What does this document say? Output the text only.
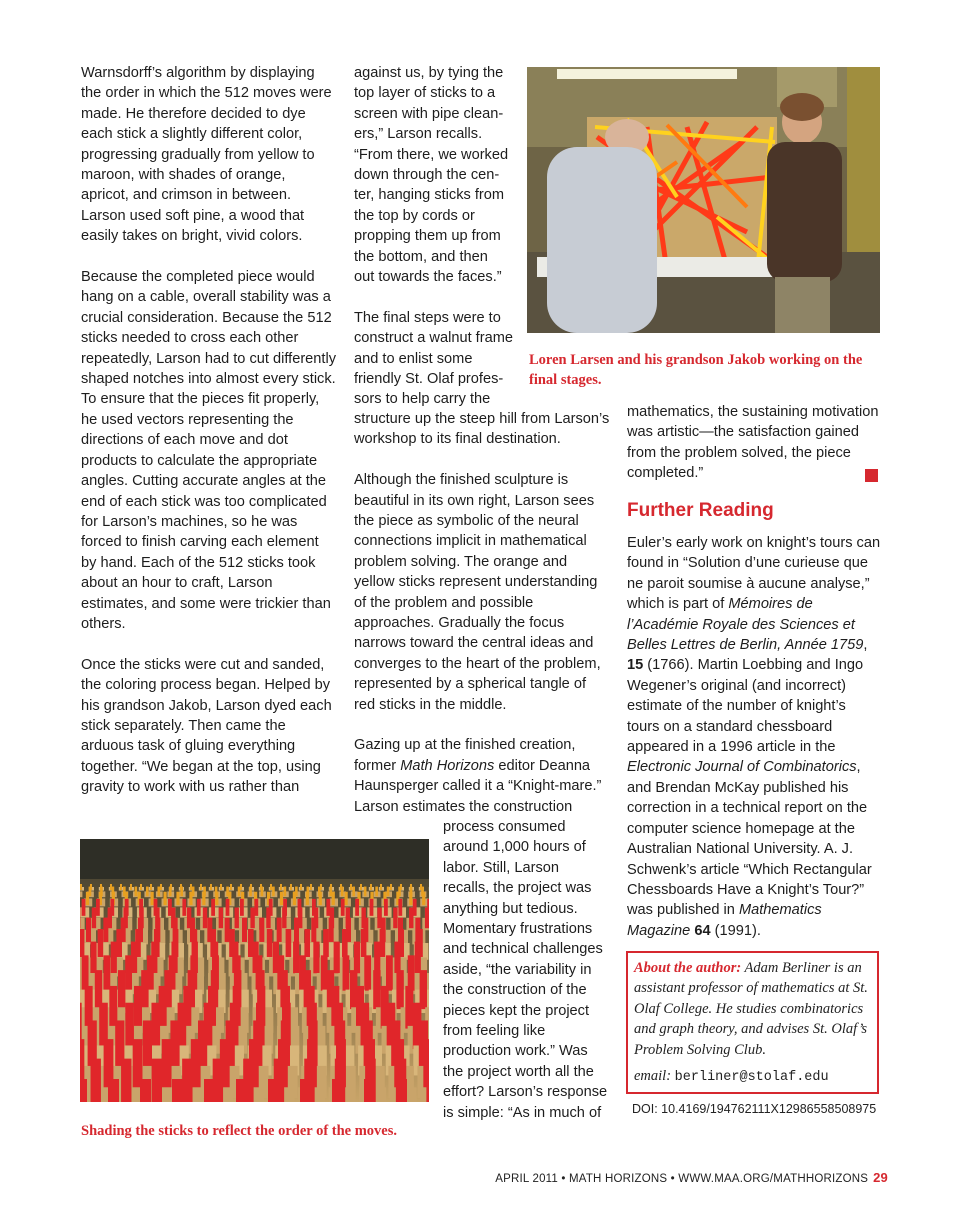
Warnsdorff’s algorithm by displaying the order in which the 512 moves were made. He therefore decided to dye each stick a slightly different color, progressing gradually from yellow to maroon, with shades of orange, apricot, and crimson in between. Larson used soft pine, a wood that easily takes on bright, vivid colors.

Because the completed piece would hang on a cable, overall stability was a crucial consideration. Because the 512 sticks needed to cross each other repeatedly, Larson had to cut differently shaped notches into almost every stick. To ensure that the pieces fit properly, he used vectors representing the directions of each move and dot products to calculate the appropriate angles. Cutting accurate angles at the end of each stick was too complicated for Larson’s machines, so he was forced to finish carving each element by hand. Each of the 512 sticks took about an hour to craft, Larson estimates, and some were trickier than others.

Once the sticks were cut and sanded, the coloring process began. Helped by his grandson Jakob, Larson dyed each stick separately. Then came the arduous task of gluing everything together. “We began at the top, using gravity to work with us rather than

against us, by tying the
top layer of sticks to a
screen with pipe clean-
ers,” Larson recalls.
“From there, we worked
down through the cen-
ter, hanging sticks from
the top by cords or
propping them up from
the bottom, and then
out towards the faces.”
The final steps were to
construct a walnut frame
and to enlist some
friendly St. Olaf profes-
sors to help carry the

structure up the steep hill from Larson’s workshop to its final destination.

Although the finished sculpture is beautiful in its own right, Larson sees the piece as symbolic of the neural connections implicit in mathematical problem solving. The orange and yellow sticks represent understanding of the problem and possible approaches. Gradually the focus narrows toward the central ideas and converges to the heart of the problem, represented by a spherical tangle of red sticks in the middle.

Gazing up at the finished creation, former Math Horizons editor Deanna Haunsperger called it a “Knight-mare.” Larson estimates the construction

process consumed around 1,000 hours of labor. Still, Larson recalls, the project was anything but tedious. Momentary frustrations and technical challenges aside, “the variability in the construction of the pieces kept the project from feeling like production work.” Was the project worth all the effort? Larson’s response is simple: “As in much of

Loren Larsen and his grandson Jakob working on the final stages.
Shading the sticks to reflect the order of the moves.

mathematics, the sustaining motivation was artistic—the satisfaction gained from the problem solved, the piece completed.”

Further Reading

Euler’s early work on knight’s tours can found in “Solution d’une curieuse que ne paroit soumise à aucune analyse,” which is part of Mémoires de l’Académie Royale des Sciences et Belles Lettres de Berlin, Année 1759, 15 (1766). Martin Loebbing and Ingo Wegener’s original (and incorrect) estimate of the number of knight’s tours on a standard chessboard appeared in a 1996 article in the Electronic Journal of Combinatorics, and Brendan McKay published his correction in a technical report on the computer science homepage at the Australian National University. A. J. Schwenk’s article “Which Rectangular Chessboards Have a Knight’s Tour?” was published in Mathematics Magazine 64 (1991).

About the author: Adam Berliner is an assistant professor of mathematics at St. Olaf College. He studies combinatorics and graph theory, and advises St. Olaf’s Problem Solving Club.
email: berliner@stolaf.edu
DOI: 10.4169/194762111X12986558508975
APRIL 2011 • MATH HORIZONS • WWW.MAA.ORG/MATHHORIZONS 29
